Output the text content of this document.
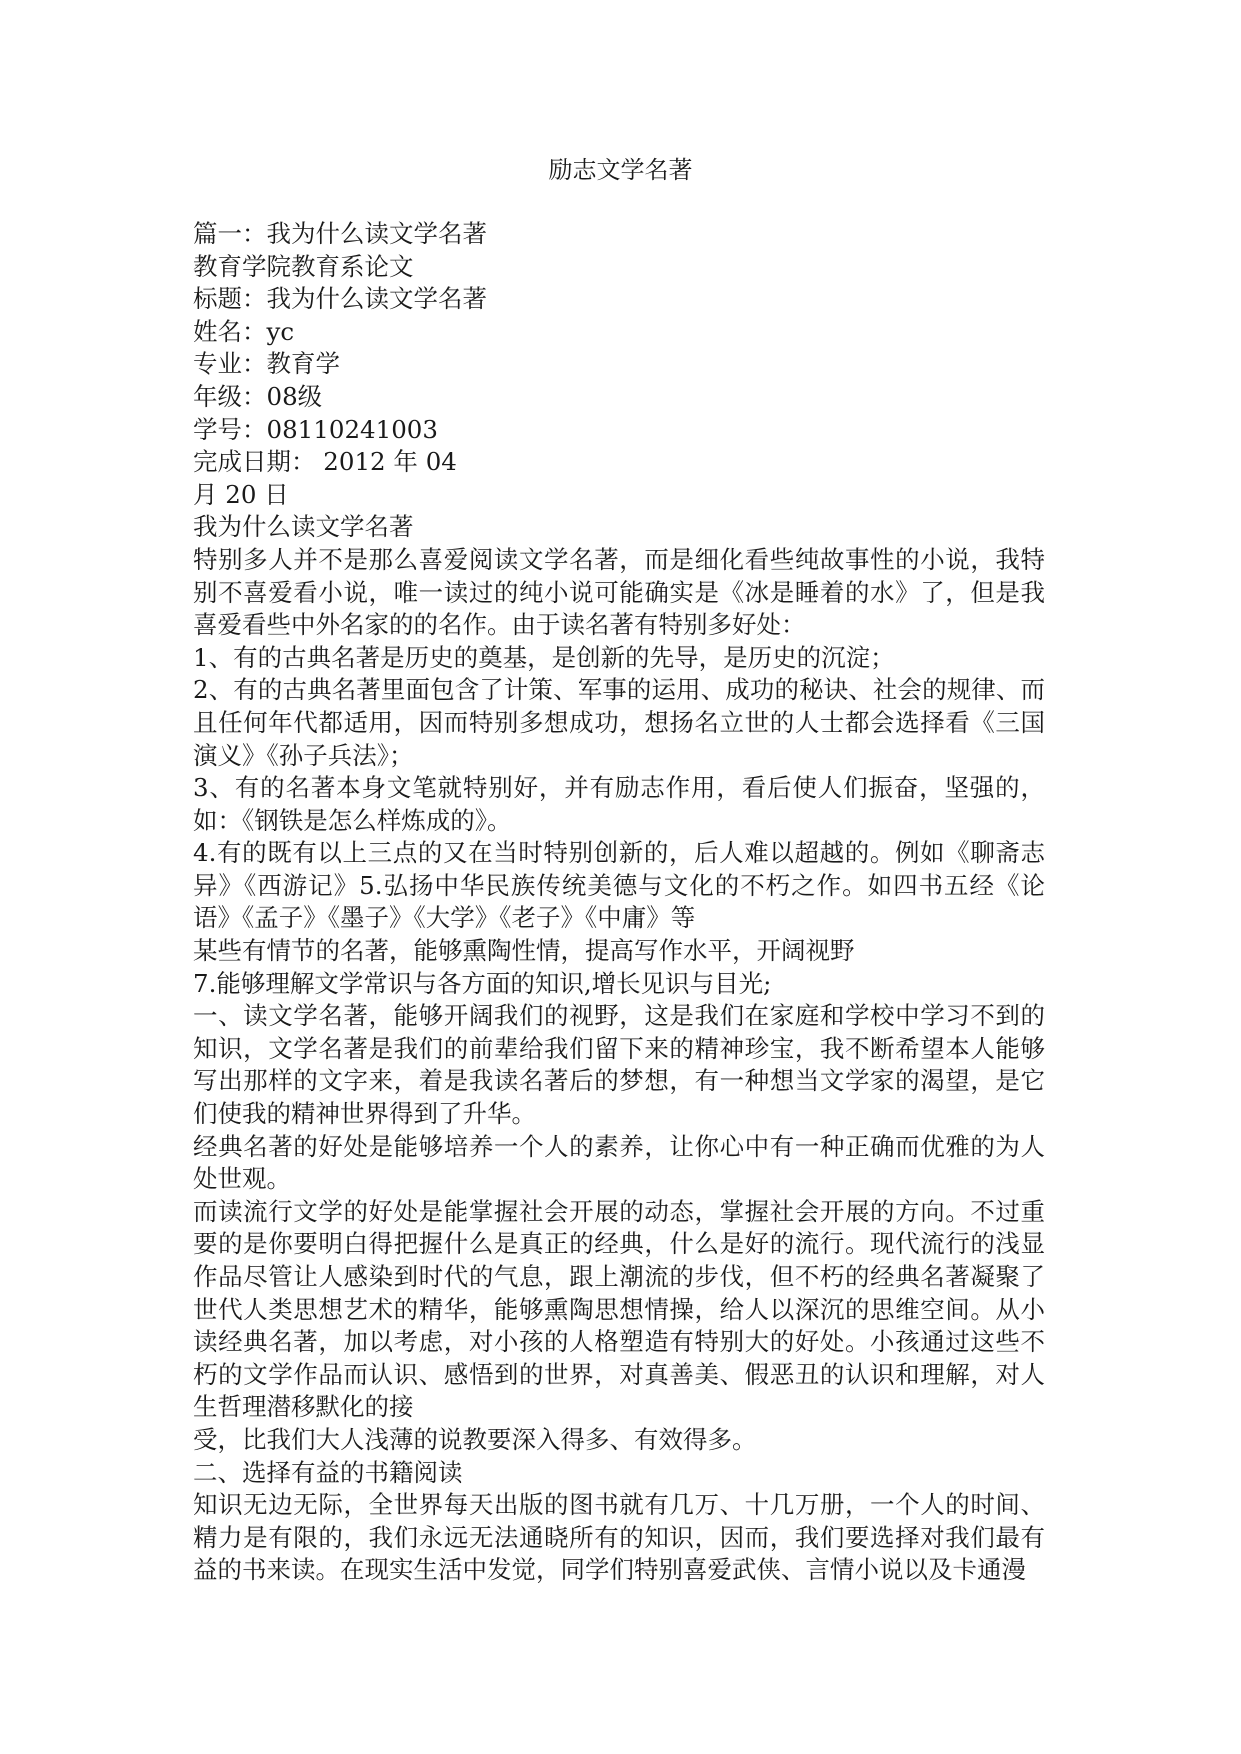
励志文学名著

篇一：我为什么读文学名著

教育学院教育系论文

标题：我为什么读文学名著

姓名：yc

专业：教育学

年级：08级

学号：08110241003

完成日期： 2012 年 04

月 20 日

我为什么读文学名著

特别多人并不是那么喜爱阅读文学名著，而是细化看些纯故事性的小说，我特别不喜爱看小说，唯一读过的纯小说可能确实是《冰是睡着的水》了，但是我喜爱看些中外名家的的名作。由于读名著有特别多好处：

1、有的古典名著是历史的奠基，是创新的先导，是历史的沉淀；

2、有的古典名著里面包含了计策、军事的运用、成功的秘诀、社会的规律、而且任何年代都适用，因而特别多想成功，想扬名立世的人士都会选择看《三国演义》《孙子兵法》；

3、有的名著本身文笔就特别好，并有励志作用，看后使人们振奋，坚强的，如：《钢铁是怎么样炼成的》。

4.有的既有以上三点的又在当时特别创新的，后人难以超越的。例如《聊斋志异》《西游记》5.弘扬中华民族传统美德与文化的不朽之作。如四书五经《论语》《孟子》《墨子》《大学》《老子》《中庸》等

某些有情节的名著，能够熏陶性情，提高写作水平，开阔视野

7.能够理解文学常识与各方面的知识,增长见识与目光;

一、读文学名著，能够开阔我们的视野，这是我们在家庭和学校中学习不到的知识，文学名著是我们的前辈给我们留下来的精神珍宝，我不断希望本人能够写出那样的文字来，着是我读名著后的梦想，有一种想当文学家的渴望，是它们使我的精神世界得到了升华。

经典名著的好处是能够培养一个人的素养，让你心中有一种正确而优雅的为人处世观。

而读流行文学的好处是能掌握社会开展的动态，掌握社会开展的方向。不过重要的是你要明白得把握什么是真正的经典，什么是好的流行。现代流行的浅显作品尽管让人感染到时代的气息，跟上潮流的步伐，但不朽的经典名著凝聚了世代人类思想艺术的精华，能够熏陶思想情操，给人以深沉的思维空间。从小读经典名著，加以考虑，对小孩的人格塑造有特别大的好处。小孩通过这些不朽的文学作品而认识、感悟到的世界，对真善美、假恶丑的认识和理解，对人生哲理潜移默化的接

受，比我们大人浅薄的说教要深入得多、有效得多。

二、选择有益的书籍阅读

知识无边无际，全世界每天出版的图书就有几万、十几万册，一个人的时间、精力是有限的，我们永远无法通晓所有的知识，因而，我们要选择对我们最有益的书来读。在现实生活中发觉，同学们特别喜爱武侠、言情小说以及卡通漫
